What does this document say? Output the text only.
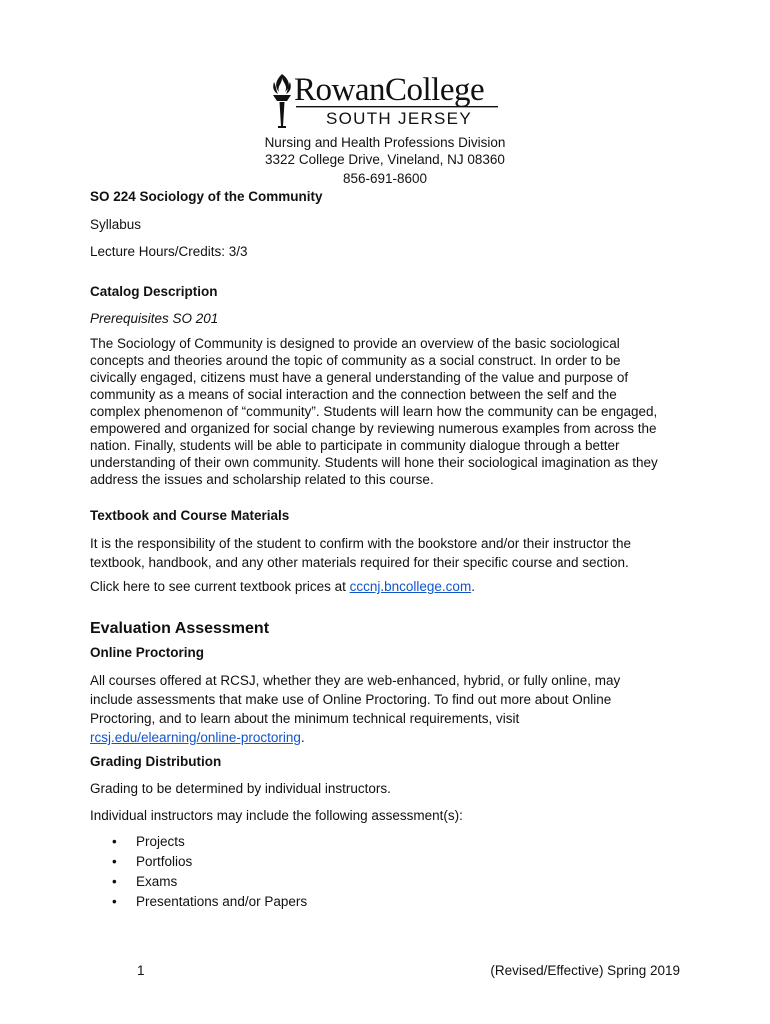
RowanCollege
SOUTH JERSEY
Nursing and Health Professions Division
3322 College Drive, Vineland, NJ 08360
856-691-8600
SO 224 Sociology of the Community
Syllabus
Lecture Hours/Credits: 3/3
Catalog Description
Prerequisites SO 201
The Sociology of Community is designed to provide an overview of the basic sociological
concepts and theories around the topic of community as a social construct. In order to be
civically engaged, citizens must have a general understanding of the value and purpose of
community as a means of social interaction and the connection between the self and the
complex phenomenon of “community”. Students will learn how the community can be engaged,
empowered and organized for social change by reviewing numerous examples from across the
nation. Finally, students will be able to participate in community dialogue through a better
understanding of their own community. Students will hone their sociological imagination as they
address the issues and scholarship related to this course.
Textbook and Course Materials
It is the responsibility of the student to confirm with the bookstore and/or their instructor the
textbook, handbook, and any other materials required for their specific course and section.
Click here to see current textbook prices at cccnj.bncollege.com.
Evaluation Assessment
Online Proctoring
All courses offered at RCSJ, whether they are web-enhanced, hybrid, or fully online, may
include assessments that make use of Online Proctoring. To find out more about Online
Proctoring, and to learn about the minimum technical requirements, visit
rcsj.edu/elearning/online-proctoring.
Grading Distribution
Grading to be determined by individual instructors.
Individual instructors may include the following assessment(s):
• Projects
• Portfolios
• Exams
• Presentations and/or Papers
1	(Revised/Effective) Spring 2019
